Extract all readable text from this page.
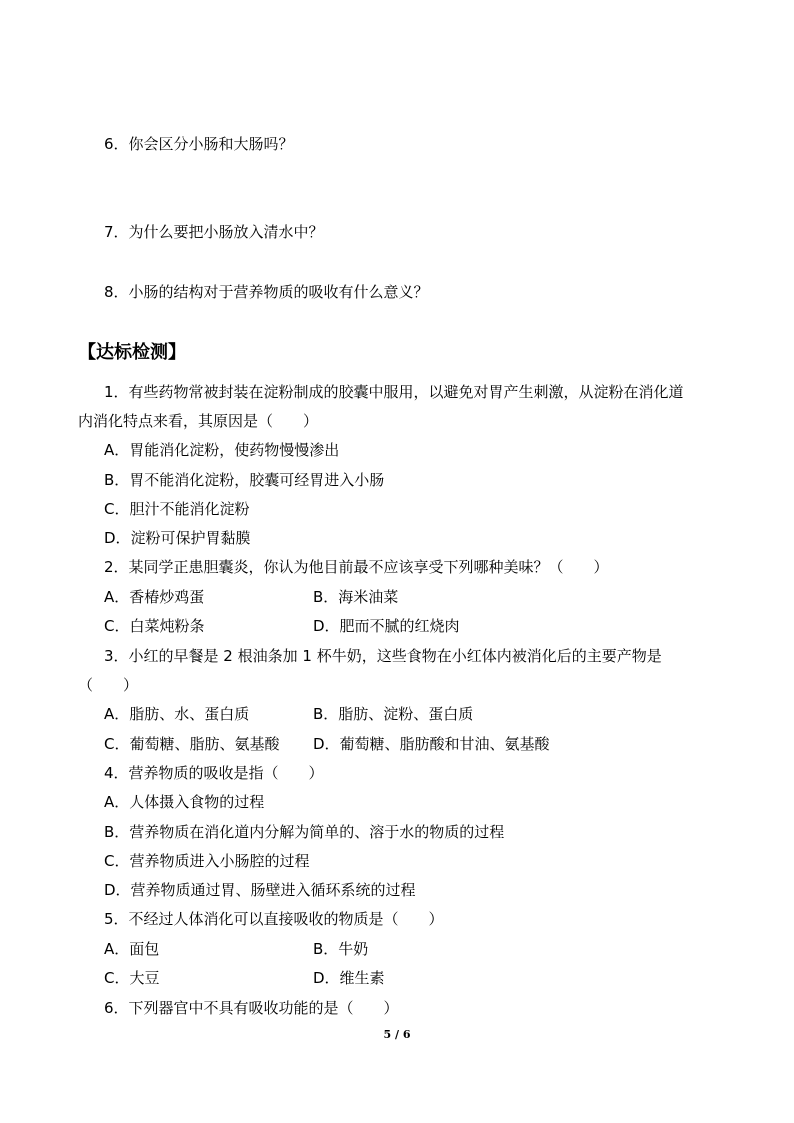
6．你会区分小肠和大肠吗？
7．为什么要把小肠放入清水中？
8．小肠的结构对于营养物质的吸收有什么意义？
【达标检测】
1．有些药物常被封装在淀粉制成的胶囊中服用，以避免对胃产生刺激，从淀粉在消化道
内消化特点来看，其原因是（　　）
A．胃能消化淀粉，使药物慢慢渗出
B．胃不能消化淀粉，胶囊可经胃进入小肠
C．胆汁不能消化淀粉
D．淀粉可保护胃黏膜
2．某同学正患胆囊炎，你认为他目前最不应该享受下列哪种美味？（　　）
A．香椿炒鸡蛋	B．海米油菜
C．白菜炖粉条	D．肥而不腻的红烧肉
3．小红的早餐是 2 根油条加 1 杯牛奶，这些食物在小红体内被消化后的主要产物是
（　　）
A．脂肪、水、蛋白质	B．脂肪、淀粉、蛋白质
C．葡萄糖、脂肪、氨基酸 D．葡萄糖、脂肪酸和甘油、氨基酸
4．营养物质的吸收是指（　　）
A．人体摄入食物的过程
B．营养物质在消化道内分解为简单的、溶于水的物质的过程
C．营养物质进入小肠腔的过程
D．营养物质通过胃、肠壁进入循环系统的过程
5．不经过人体消化可以直接吸收的物质是（　　）
A．面包	B．牛奶
C．大豆	D．维生素
6．下列器官中不具有吸收功能的是（　　）
5 / 6
